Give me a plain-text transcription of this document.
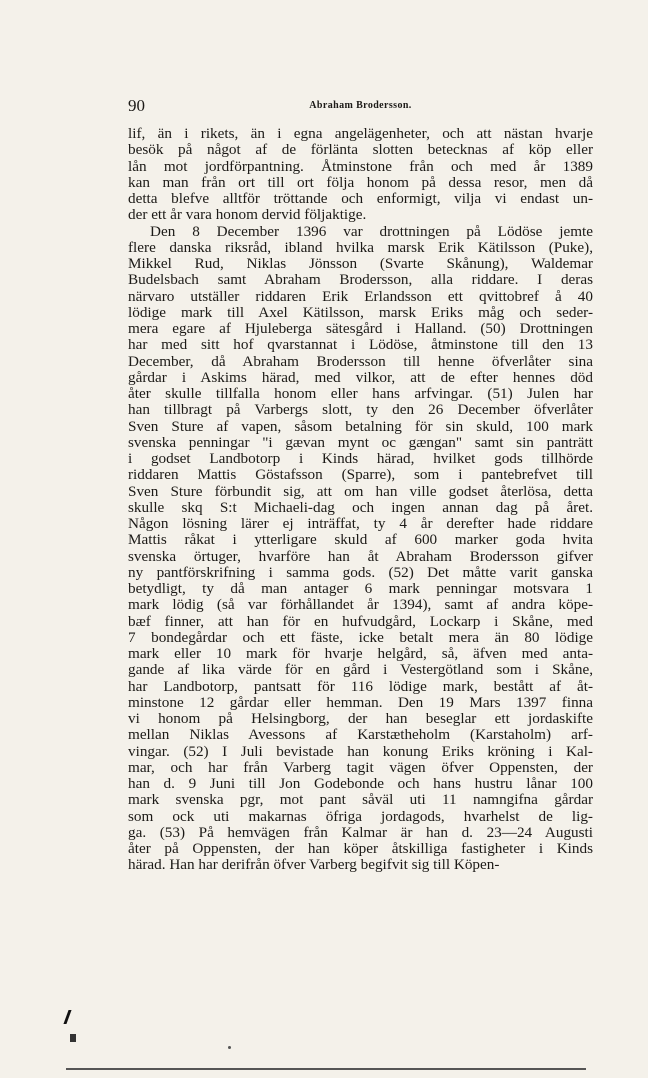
90	Abraham Brodersson.
lif, än i rikets, än i egna angelägenheter, och att nästan hvarje
besök på något af de förlänta slotten betecknas af köp eller
lån mot jordförpantning. Åtminstone från och med år 1389
kan man från ort till ort följa honom på dessa resor, men då
detta blefve alltför tröttande och enformigt, vilja vi endast un-
der ett år vara honom dervid följaktige.
Den 8 December 1396 var drottningen på Lödöse jemte
flere danska riksråd, ibland hvilka marsk Erik Kätilsson (Puke),
Mikkel Rud, Niklas Jönsson (Svarte Skånung), Waldemar
Budelsbach samt Abraham Brodersson, alla riddare. I deras
närvaro utställer riddaren Erik Erlandsson ett qvittobref å 40
lödige mark till Axel Kätilsson, marsk Eriks måg och seder-
mera egare af Hjuleberga sätesgård i Halland. (50) Drottningen
har med sitt hof qvarstannat i Lödöse, åtminstone till den 13
December, då Abraham Brodersson till henne öfverlåter sina
gårdar i Askims härad, med vilkor, att de efter hennes död
åter skulle tillfalla honom eller hans arfvingar. (51) Julen har
han tillbragt på Varbergs slott, ty den 26 December öfverlåter
Sven Sture af vapen, såsom betalning för sin skuld, 100 mark
svenska penningar "i gævan mynt oc gængan" samt sin panträtt
i godset Landbotorp i Kinds härad, hvilket gods tillhörde
riddaren Mattis Göstafsson (Sparre), som i pantebrefvet till
Sven Sture förbundit sig, att om han ville godset återlösa, detta
skulle skq S:t Michaeli-dag och ingen annan dag på året.
Någon lösning lärer ej inträffat, ty 4 år derefter hade riddare
Mattis råkat i ytterligare skuld af 600 marker goda hvita
svenska örtuger, hvarföre han åt Abraham Brodersson gifver
ny pantförskrifning i samma gods. (52) Det måtte varit ganska
betydligt, ty då man antager 6 mark penningar motsvara 1
mark lödig (så var förhållandet år 1394), samt af andra köpe-
bæf finner, att han för en hufvudgård, Lockarp i Skåne, med
7 bondegårdar och ett fäste, icke betalt mera än 80 lödige
mark eller 10 mark för hvarje helgård, så, äfven med anta-
gande af lika värde för en gård i Vestergötland som i Skåne,
har Landbotorp, pantsatt för 116 lödige mark, bestått af åt-
minstone 12 gårdar eller hemman. Den 19 Mars 1397 finna
vi honom på Helsingborg, der han beseglar ett jordaskifte
mellan Niklas Avessons af Karstætheholm (Karstaholm) arf-
vingar. (52) I Juli bevistade han konung Eriks kröning i Kal-
mar, och har från Varberg tagit vägen öfver Oppensten, der
han d. 9 Juni till Jon Godebonde och hans hustru lånar 100
mark svenska pgr, mot pant såväl uti 11 namngifna gårdar
som ock uti makarnas öfriga jordagods, hvarhelst de lig-
ga. (53) På hemvägen från Kalmar är han d. 23—24 Augusti
åter på Oppensten, der han köper åtskilliga fastigheter i Kinds
härad. Han har derifrån öfver Varberg begifvit sig till Köpen-
